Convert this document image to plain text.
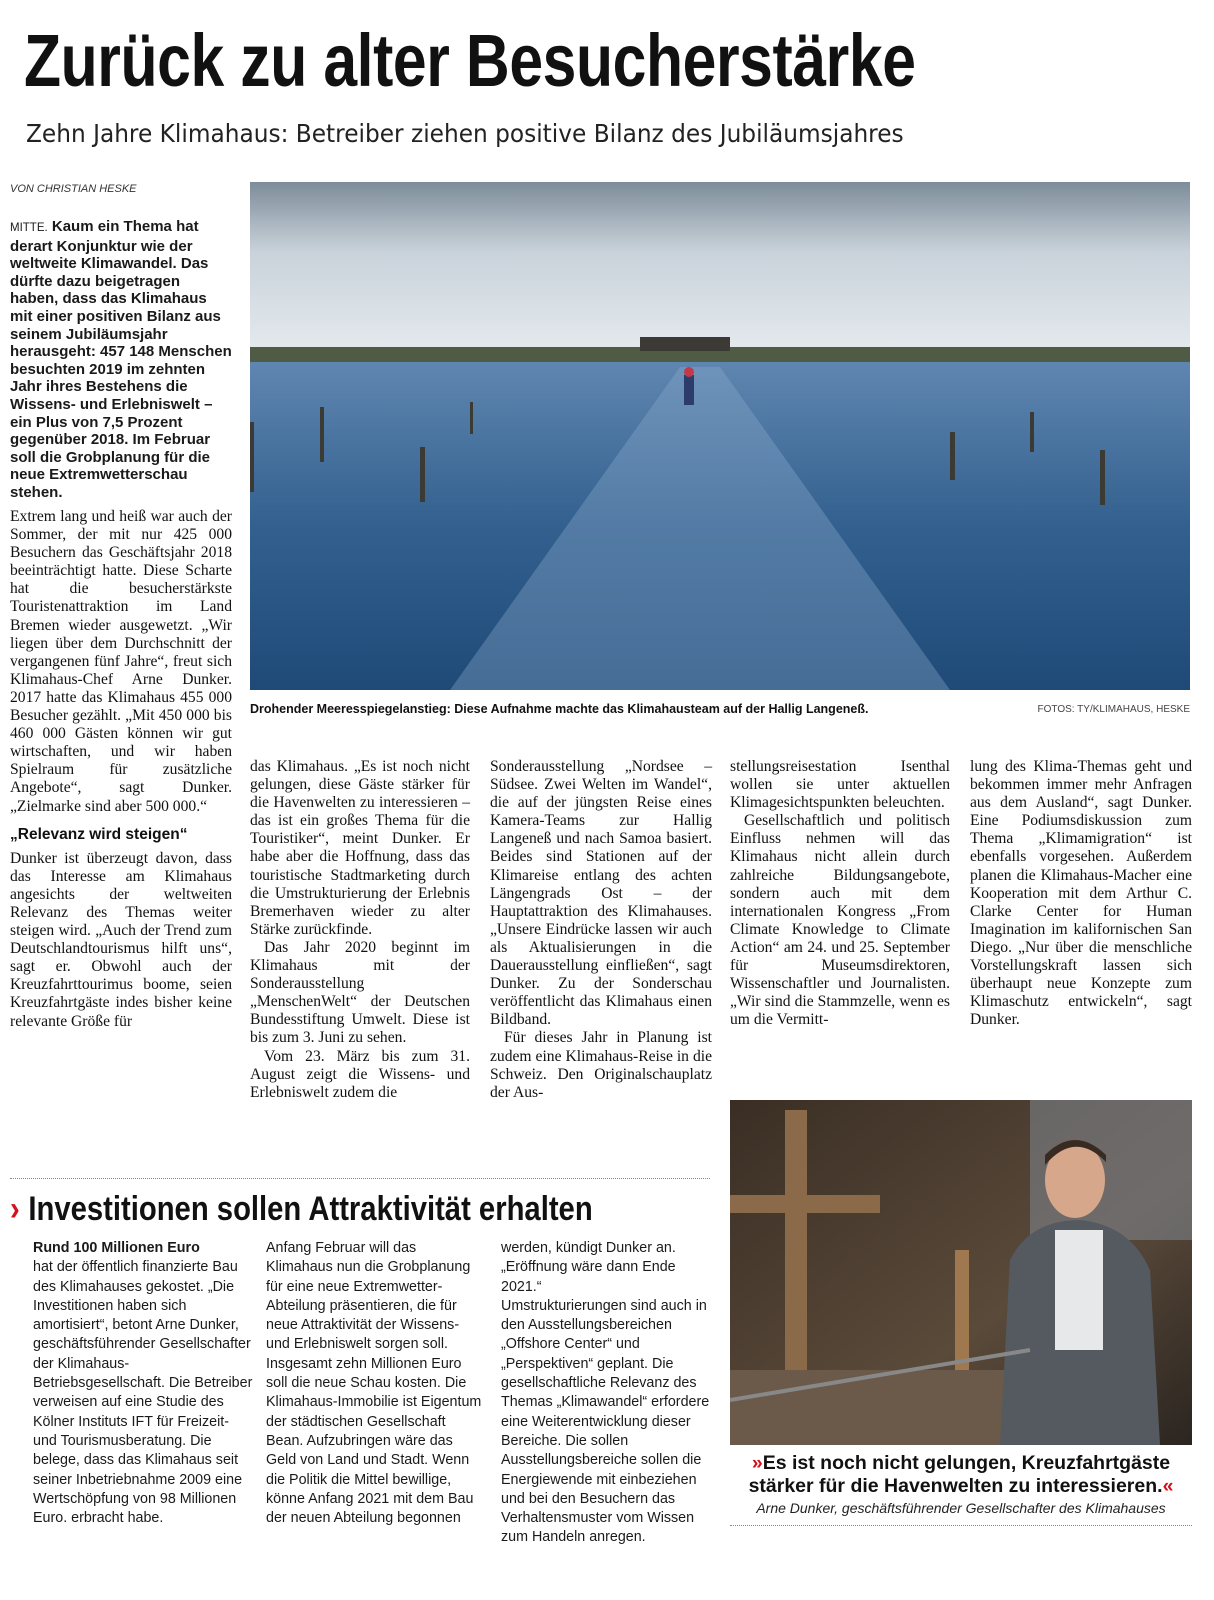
Zurück zu alter Besucherstärke
Zehn Jahre Klimahaus: Betreiber ziehen positive Bilanz des Jubiläumsjahres
VON CHRISTIAN HESKE
MITTE. Kaum ein Thema hat derart Konjunktur wie der weltweite Klimawandel. Das dürfte dazu beigetragen haben, dass das Klimahaus mit einer positiven Bilanz aus seinem Jubiläumsjahr herausgeht: 457 148 Menschen besuchten 2019 im zehnten Jahr ihres Bestehens die Wissens- und Erlebniswelt – ein Plus von 7,5 Prozent gegenüber 2018. Im Februar soll die Grobplanung für die neue Extremwetterschau stehen.

Extrem lang und heiß war auch der Sommer, der mit nur 425 000 Besuchern das Geschäftsjahr 2018 beeinträchtigt hatte. Diese Scharte hat die besucherstärkste Touristenattraktion im Land Bremen wieder ausgewetzt. „Wir liegen über dem Durchschnitt der vergangenen fünf Jahre“, freut sich Klimahaus-Chef Arne Dunker. 2017 hatte das Klimahaus 455 000 Besucher gezählt. „Mit 450 000 bis 460 000 Gästen können wir gut wirtschaften, und wir haben Spielraum für zusätzliche Angebote“, sagt Dunker. „Zielmarke sind aber 500 000.“

„Relevanz wird steigen“

Dunker ist überzeugt davon, dass das Interesse am Klimahaus angesichts der weltweiten Relevanz des Themas weiter steigen wird. „Auch der Trend zum Deutschlandtourismus hilft uns“, sagt er. Obwohl auch der Kreuzfahrttourimus boome, seien Kreuzfahrtgäste indes bisher keine relevante Größe für

Drohender Meeresspiegelanstieg: Diese Aufnahme machte das Klimahausteam auf der Hallig Langeneß.	FOTOS: TY/KLIMAHAUS, HESKE

das Klimahaus. „Es ist noch nicht gelungen, diese Gäste stärker für die Havenwelten zu interessieren – das ist ein großes Thema für die Touristiker“, meint Dunker. Er habe aber die Hoffnung, dass das touristische Stadtmarketing durch die Umstrukturierung der Erlebnis Bremerhaven wieder zu alter Stärke zurückfinde.

Das Jahr 2020 beginnt im Klimahaus mit der Sonderausstellung „MenschenWelt“ der Deutschen Bundesstiftung Umwelt. Diese ist bis zum 3. Juni zu sehen.

Vom 23. März bis zum 31. August zeigt die Wissens- und Erlebniswelt zudem die

Sonderausstellung „Nordsee – Südsee. Zwei Welten im Wandel“, die auf der jüngsten Reise eines Kamera-Teams zur Hallig Langeneß und nach Samoa basiert. Beides sind Stationen auf der Klimareise entlang des achten Längengrads Ost – der Hauptattraktion des Klimahauses. „Unsere Eindrücke lassen wir auch als Aktualisierungen in die Dauerausstellung einfließen“, sagt Dunker. Zu der Sonderschau veröffentlicht das Klimahaus einen Bildband.

Für dieses Jahr in Planung ist zudem eine Klimahaus-Reise in die Schweiz. Den Originalschauplatz der Aus-

stellungsreisestation Isenthal wollen sie unter aktuellen Klimagesichtspunkten beleuchten.

Gesellschaftlich und politisch Einfluss nehmen will das Klimahaus nicht allein durch zahlreiche Bildungsangebote, sondern auch mit dem internationalen Kongress „From Climate Knowledge to Climate Action“ am 24. und 25. September für Museumsdirektoren, Wissenschaftler und Journalisten. „Wir sind die Stammzelle, wenn es um die Vermitt-

lung des Klima-Themas geht und bekommen immer mehr Anfragen aus dem Ausland“, sagt Dunker. Eine Podiumsdiskussion zum Thema „Klimamigration“ ist ebenfalls vorgesehen. Außerdem planen die Klimahaus-Macher eine Kooperation mit dem Arthur C. Clarke Center for Human Imagination im kalifornischen San Diego. „Nur über die menschliche Vorstellungskraft lassen sich überhaupt neue Konzepte zum Klimaschutz entwickeln“, sagt Dunker.

› Investitionen sollen Attraktivität erhalten

Rund 100 Millionen Euro

hat der öffentlich finanzierte Bau des Klimahauses gekostet. „Die Investitionen haben sich amortisiert“, betont Arne Dunker, geschäftsführender Gesellschafter der Klimahaus-Betriebsgesellschaft. Die Betreiber verweisen auf eine Studie des Kölner Instituts IFT für Freizeit- und Tourismusberatung. Die belege, dass das Klimahaus seit seiner Inbetriebnahme 2009 eine Wertschöpfung von 98 Millionen Euro. erbracht habe.

Anfang Februar will das Klimahaus nun die Grobplanung für eine neue Extremwetter-Abteilung präsentieren, die für neue Attraktivität der Wissens- und Erlebniswelt sorgen soll. Insgesamt zehn Millionen Euro soll die neue Schau kosten. Die Klimahaus-Immobilie ist Eigentum der städtischen Gesellschaft Bean. Aufzubringen wäre das Geld von Land und Stadt. Wenn die Politik die Mittel bewillige, könne Anfang 2021 mit dem Bau der neuen Abteilung begonnen

werden, kündigt Dunker an. „Eröffnung wäre dann Ende 2021.“

Umstrukturierungen sind auch in den Ausstellungsbereichen „Offshore Center“ und „Perspektiven“ geplant. Die gesellschaftliche Relevanz des Themas „Klimawandel“ erfordere eine Weiterentwicklung dieser Bereiche. Die sollen Ausstellungsbereiche sollen die Energiewende mit einbeziehen und bei den Besuchern das Verhaltensmuster vom Wissen zum Handeln anregen.

»Es ist noch nicht gelungen, Kreuzfahrtgäste stärker für die Havenwelten zu interessieren.«
Arne Dunker, geschäftsführender Gesellschafter des Klimahauses
